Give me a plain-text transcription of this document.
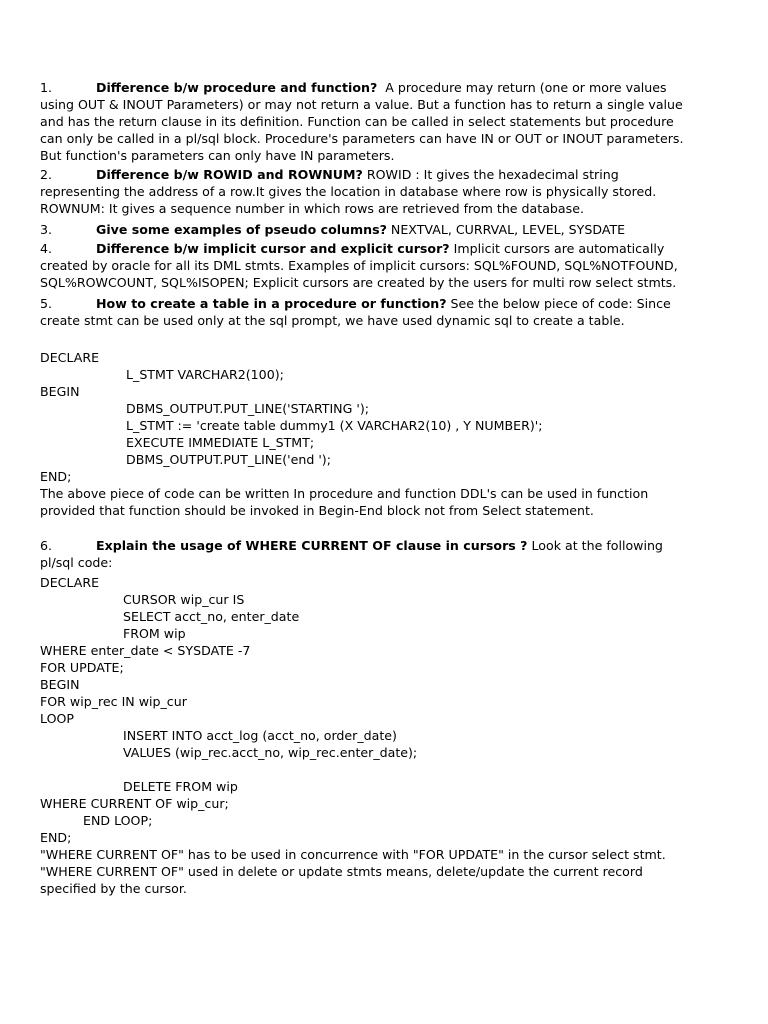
1.	Difference b/w procedure and function? A procedure may return (one or more values using OUT & INOUT Parameters) or may not return a value. But a function has to return a single value and has the return clause in its definition. Function can be called in select statements but procedure can only be called in a pl/sql block. Procedure's parameters can have IN or OUT or INOUT parameters. But function's parameters can only have IN parameters.

2.	Difference b/w ROWID and ROWNUM? ROWID : It gives the hexadecimal string representing the address of a row.It gives the location in database where row is physically stored. ROWNUM: It gives a sequence number in which rows are retrieved from the database.

3.	Give some examples of pseudo columns? NEXTVAL, CURRVAL, LEVEL, SYSDATE

4.	Difference b/w implicit cursor and explicit cursor? Implicit cursors are automatically created by oracle for all its DML stmts. Examples of implicit cursors: SQL%FOUND, SQL%NOTFOUND, SQL%ROWCOUNT, SQL%ISOPEN; Explicit cursors are created by the users for multi row select stmts.

5.	How to create a table in a procedure or function? See the below piece of code: Since create stmt can be used only at the sql prompt, we have used dynamic sql to create a table.

DECLARE
L_STMT VARCHAR2(100);
BEGIN
DBMS_OUTPUT.PUT_LINE('STARTING ');
L_STMT := 'create table dummy1 (X VARCHAR2(10) , Y NUMBER)';
EXECUTE IMMEDIATE L_STMT;
DBMS_OUTPUT.PUT_LINE('end ');
END;

The above piece of code can be written In procedure and function DDL's can be used in function provided that function should be invoked in Begin-End block not from Select statement.

6.	Explain the usage of WHERE CURRENT OF clause in cursors ? Look at the following pl/sql code:

DECLARE
CURSOR wip_cur IS
SELECT acct_no, enter_date
FROM wip
WHERE enter_date < SYSDATE -7
FOR UPDATE;
BEGIN
FOR wip_rec IN wip_cur
LOOP
INSERT INTO acct_log (acct_no, order_date)
VALUES (wip_rec.acct_no, wip_rec.enter_date);
DELETE FROM wip
WHERE CURRENT OF wip_cur;
END LOOP;
END;

"WHERE CURRENT OF" has to be used in concurrence with "FOR UPDATE" in the cursor select stmt.

"WHERE CURRENT OF" used in delete or update stmts means, delete/update the current record specified by the cursor.
